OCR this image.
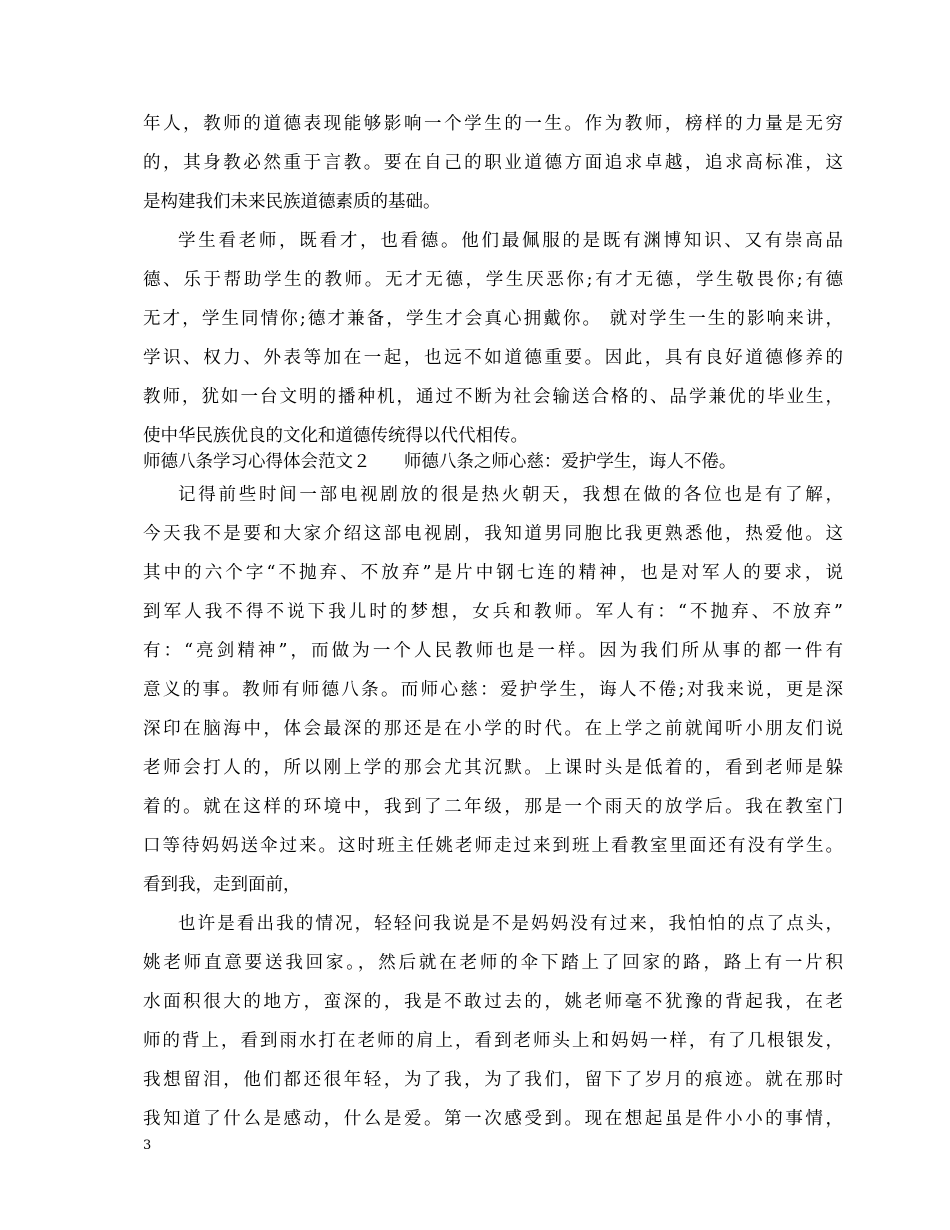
年人，教师的道德表现能够影响一个学生的一生。作为教师，榜样的力量是无穷
的，其身教必然重于言教。要在自己的职业道德方面追求卓越，追求高标准，这
是构建我们未来民族道德素质的基础。
学生看老师，既看才，也看德。他们最佩服的是既有渊博知识、又有崇高品
德、乐于帮助学生的教师。无才无德，学生厌恶你;有才无德，学生敬畏你;有德
无才，学生同情你;德才兼备，学生才会真心拥戴你。 就对学生一生的影响来讲，
学识、权力、外表等加在一起，也远不如道德重要。因此，具有良好道德修养的
教师，犹如一台文明的播种机，通过不断为社会输送合格的、品学兼优的毕业生，
使中华民族优良的文化和道德传统得以代代相传。
师德八条学习心得体会范文２      师德八条之师心慈：爱护学生，诲人不倦。
记得前些时间一部电视剧放的很是热火朝天，我想在做的各位也是有了解，
今天我不是要和大家介绍这部电视剧，我知道男同胞比我更熟悉他，热爱他。这
其中的六个字“不抛弃、不放弃”是片中钢七连的精神，也是对军人的要求，说
到军人我不得不说下我儿时的梦想，女兵和教师。军人有：“不抛弃、不放弃”
有：“亮剑精神”，而做为一个人民教师也是一样。因为我们所从事的都一件有
意义的事。教师有师德八条。而师心慈：爱护学生，诲人不倦;对我来说，更是深
深印在脑海中，体会最深的那还是在小学的时代。在上学之前就闻听小朋友们说
老师会打人的，所以刚上学的那会尤其沉默。上课时头是低着的，看到老师是躲
着的。就在这样的环境中，我到了二年级，那是一个雨天的放学后。我在教室门
口等待妈妈送伞过来。这时班主任姚老师走过来到班上看教室里面还有没有学生。
看到我，走到面前，
也许是看出我的情况，轻轻问我说是不是妈妈没有过来，我怕怕的点了点头，
姚老师直意要送我回家。，然后就在老师的伞下踏上了回家的路，路上有一片积
水面积很大的地方，蛮深的，我是不敢过去的，姚老师毫不犹豫的背起我，在老
师的背上，看到雨水打在老师的肩上，看到老师头上和妈妈一样，有了几根银发，
我想留泪，他们都还很年轻，为了我，为了我们，留下了岁月的痕迹。就在那时
我知道了什么是感动，什么是爱。第一次感受到。现在想起虽是件小小的事情，
3
